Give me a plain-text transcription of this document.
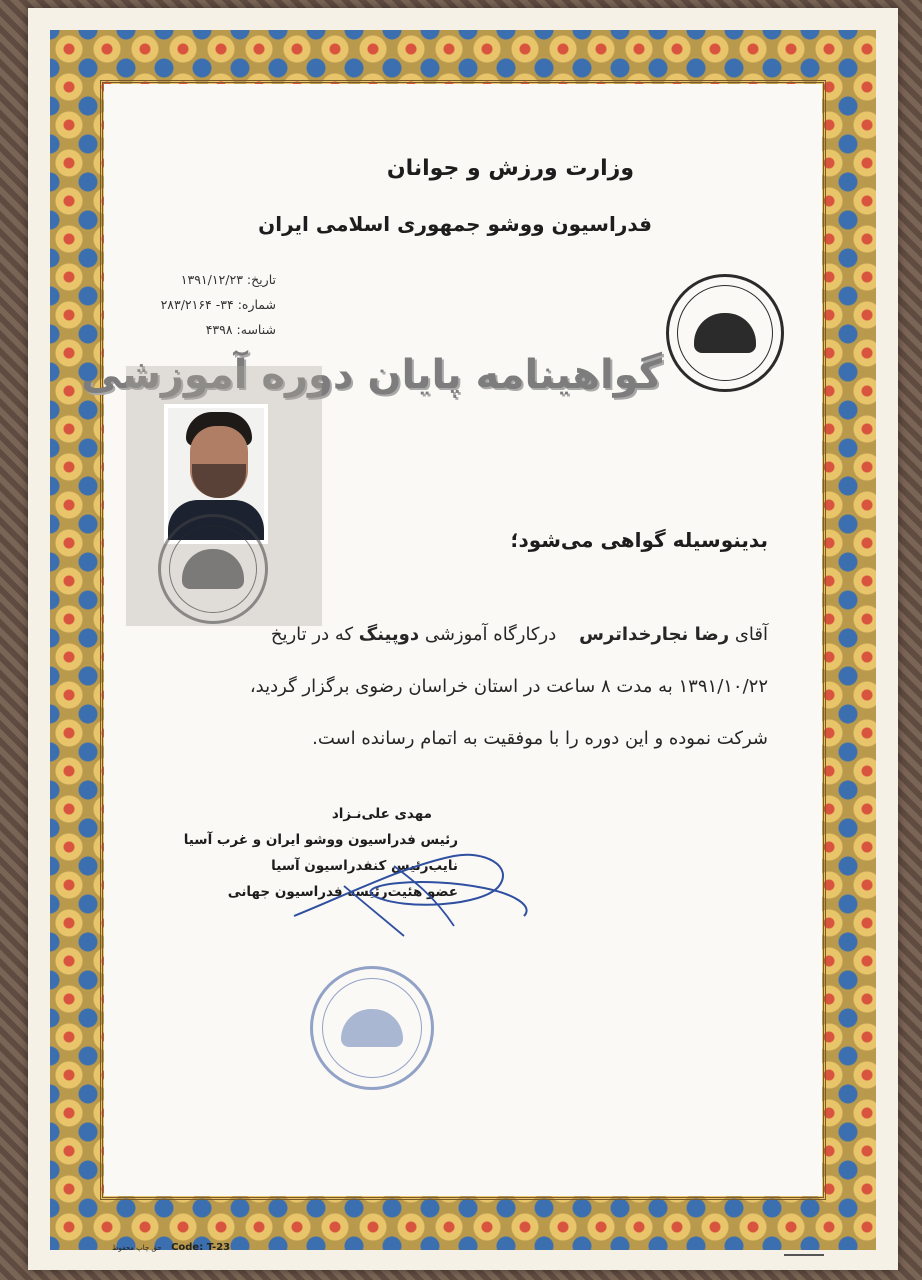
وزارت ورزش و جوانان
فدراسیون ووشو جمهوری اسلامی ایران
تاریخ: ۱۳۹۱/۱۲/۲۳
شماره: ۳۴- ۲۸۳/۲۱۶۴
شناسه: ۴۳۹۸
گواهینامه پایان دوره آموزشی
بدینوسیله گواهی می‌شود؛
آقای رضا نجارخداترس    درکارگاه آموزشی دوپینگ که در تاریخ
۱۳۹۱/۱۰/۲۲ به مدت ۸ ساعت در استان خراسان رضوی برگزار گردید،
شرکت نموده و این دوره را با موفقیت به اتمام رسانده است.
مهدی علی‌نـزاد
رئیس فدراسیون ووشو ایران و غرب آسیا
نایب‌رئیس کنفدراسیون آسیا
عضو هئیت‌رئیسه فدراسیون جهانی
حق چاپ محفوظ Code: T-23
